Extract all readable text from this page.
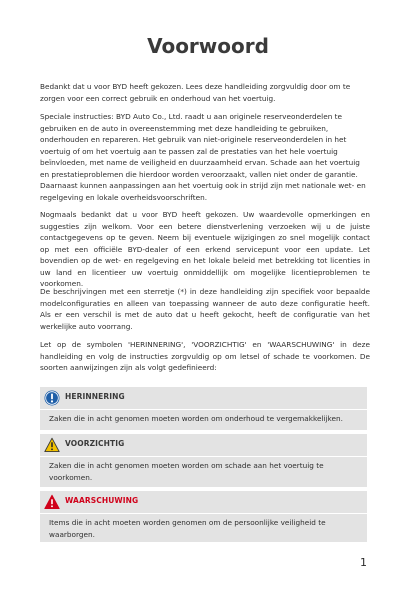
Voorwoord

Bedankt dat u voor BYD heeft gekozen. Lees deze handleiding zorgvuldig door om te zorgen voor een correct gebruik en onderhoud van het voertuig.

Speciale instructies: BYD Auto Co., Ltd. raadt u aan originele reserveonderdelen te gebruiken en de auto in overeenstemming met deze handleiding te gebruiken, onderhouden en repareren. Het gebruik van niet-originele reserveonderdelen in het voertuig of om het voertuig aan te passen zal de prestaties van het hele voertuig beïnvloeden, met name de veiligheid en duurzaamheid ervan. Schade aan het voertuig en prestatieproblemen die hierdoor worden veroorzaakt, vallen niet onder de garantie. Daarnaast kunnen aanpassingen aan het voertuig ook in strijd zijn met nationale wet- en regelgeving en lokale overheidsvoorschriften.

Nogmaals bedankt dat u voor BYD heeft gekozen. Uw waardevolle opmerkingen en suggesties zijn welkom. Voor een betere dienstverlening verzoeken wij u de juiste contactgegevens op te geven. Neem bij eventuele wijzigingen zo snel mogelijk contact op met een officiële BYD-dealer of een erkend servicepunt voor een update. Let bovendien op de wet- en regelgeving en het lokale beleid met betrekking tot licenties in uw land en licentieer uw voertuig onmiddellijk om mogelijke licentieproblemen te voorkomen.

De beschrijvingen met een sterretje (*) in deze handleiding zijn specifiek voor bepaalde modelconfiguraties en alleen van toepassing wanneer de auto deze configuratie heeft. Als er een verschil is met de auto dat u heeft gekocht, heeft de configuratie van het werkelijke auto voorrang.

Let op de symbolen 'HERINNERING', 'VOORZICHTIG' en 'WAARSCHUWING' in deze handleiding en volg de instructies zorgvuldig op om letsel of schade te voorkomen. De soorten aanwijzingen zijn als volgt gedefinieerd:

HERINNERING
Zaken die in acht genomen moeten worden om onderhoud te vergemakkelijken.
VOORZICHTIG
Zaken die in acht genomen moeten worden om schade aan het voertuig te voorkomen.
WAARSCHUWING
Items die in acht moeten worden genomen om de persoonlijke veiligheid te waarborgen.
1
